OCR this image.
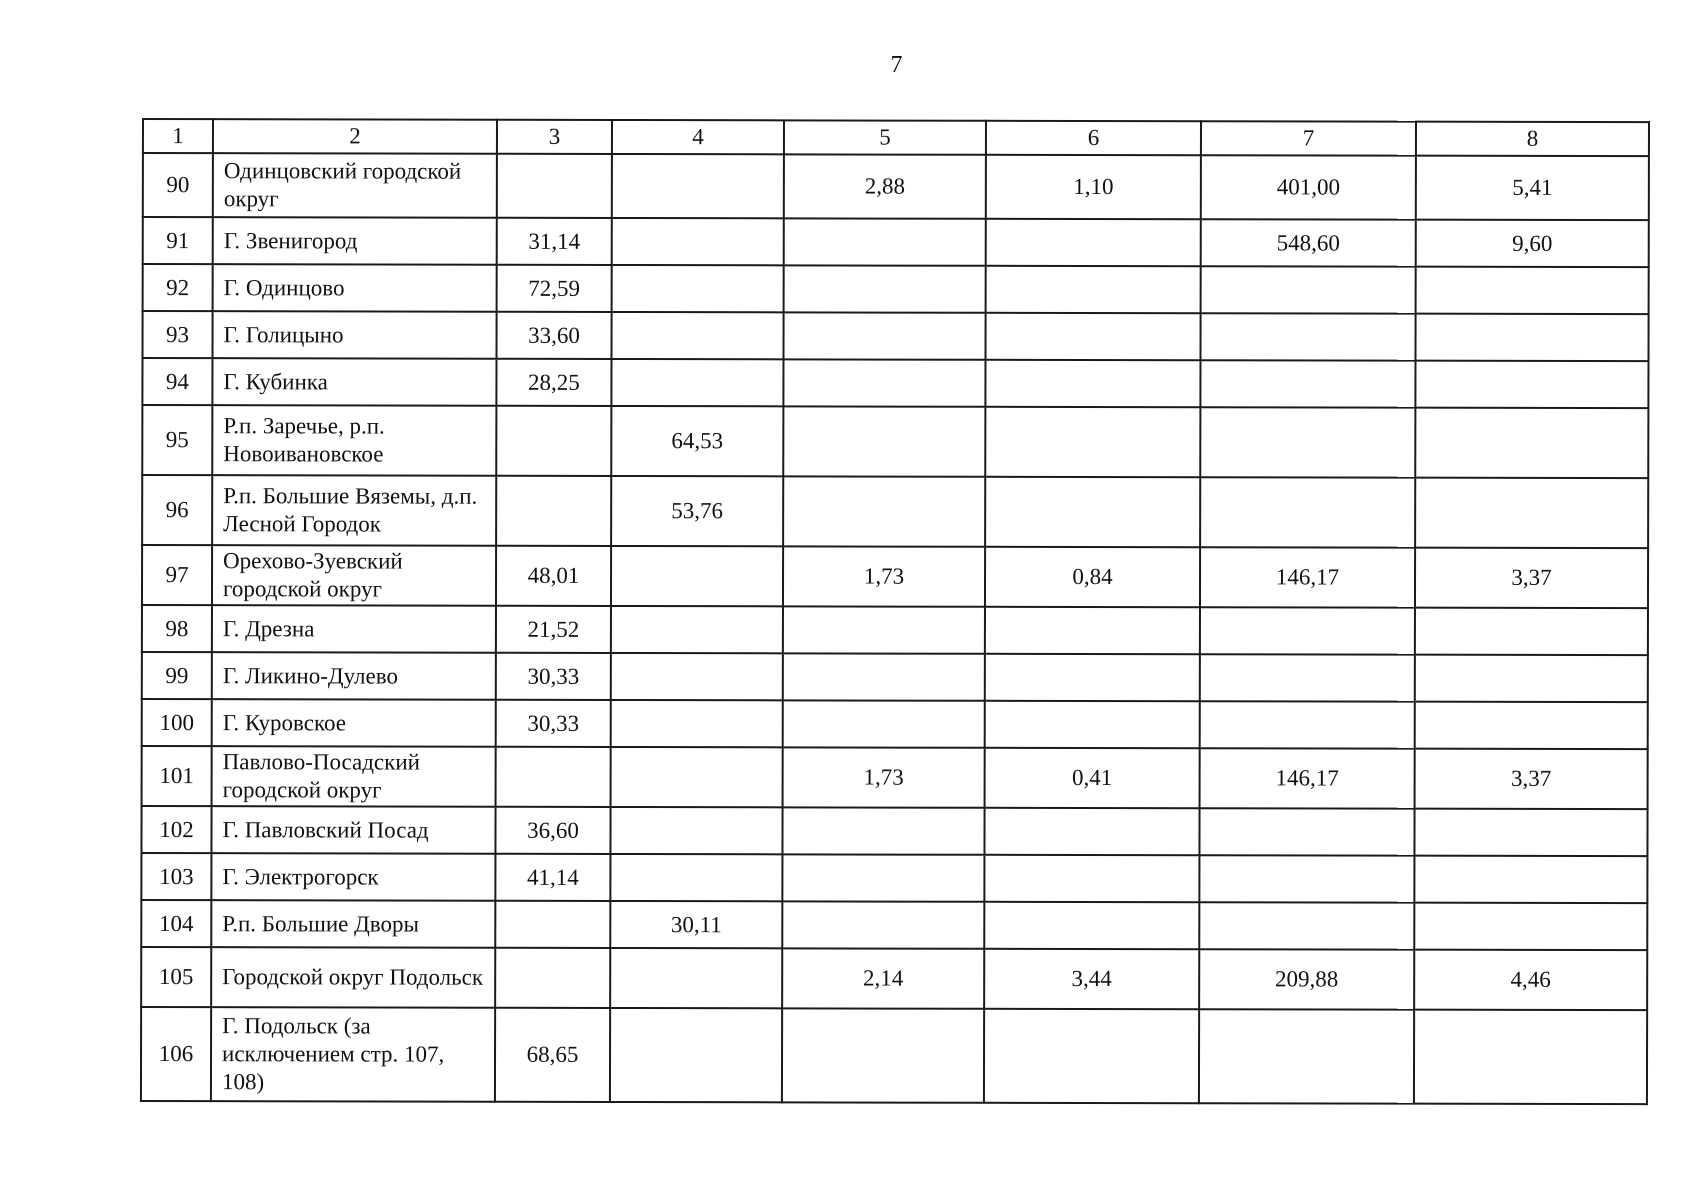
7
1	2	3	4	5	6	7	8
90	Одинцовский городской округ			2,88	1,10	401,00	5,41
91	Г. Звенигород	31,14				548,60	9,60
92	Г. Одинцово	72,59					
93	Г. Голицыно	33,60					
94	Г. Кубинка	28,25					
95	Р.п. Заречье, р.п. Новоивановское		64,53				
96	Р.п. Большие Вяземы, д.п. Лесной Городок		53,76				
97	Орехово-Зуевский городской округ	48,01		1,73	0,84	146,17	3,37
98	Г. Дрезна	21,52					
99	Г. Ликино-Дулево	30,33					
100	Г. Куровское	30,33					
101	Павлово-Посадский городской округ			1,73	0,41	146,17	3,37
102	Г. Павловский Посад	36,60					
103	Г. Электрогорск	41,14					
104	Р.п. Большие Дворы		30,11				
105	Городской округ Подольск			2,14	3,44	209,88	4,46
106	Г. Подольск (за исключением стр. 107, 108)	68,65					
